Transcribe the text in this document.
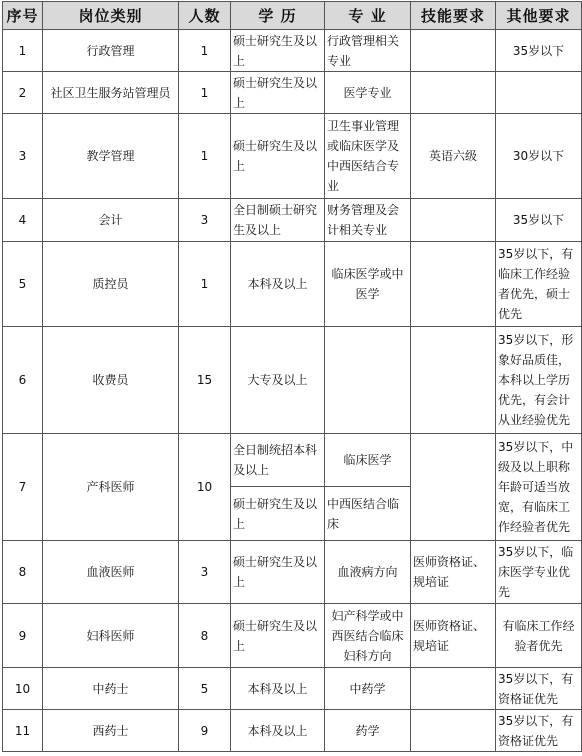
序号	岗位类别	人数	学 历	专 业	技能要求	其他要求
1	行政管理	1	硕士研究生及以上	行政管理相关专业		35岁以下
2	社区卫生服务站管理员	1	硕士研究生及以上	医学专业		
3	教学管理	1	硕士研究生及以上	卫生事业管理或临床医学及中西医结合专业	英语六级	30岁以下
4	会计	3	全日制硕士研究生及以上	财务管理及会计相关专业		35岁以下
5	质控员	1	本科及以上	临床医学或中医学		35岁以下，有临床工作经验者优先，硕士优先
6	收费员	15	大专及以上			35岁以下，形象好品质佳，本科以上学历优先，有会计从业经验优先
7	产科医师	10	全日制统招本科及以上	临床医学		35岁以下，中级及以上职称年龄可适当放宽，有临床工作经验者优先
			硕士研究生及以上	中西医结合临床		
8	血液医师	3	硕士研究生及以上	血液病方向	医师资格证、规培证	35岁以下，临床医学专业优先
9	妇科医师	8	硕士研究生及以上	妇产科学或中西医结合临床妇科方向	医师资格证、规培证	有临床工作经验者优先
10	中药士	5	本科及以上	中药学		35岁以下，有资格证优先
11	西药士	9	本科及以上	药学		35岁以下，有资格证优先
